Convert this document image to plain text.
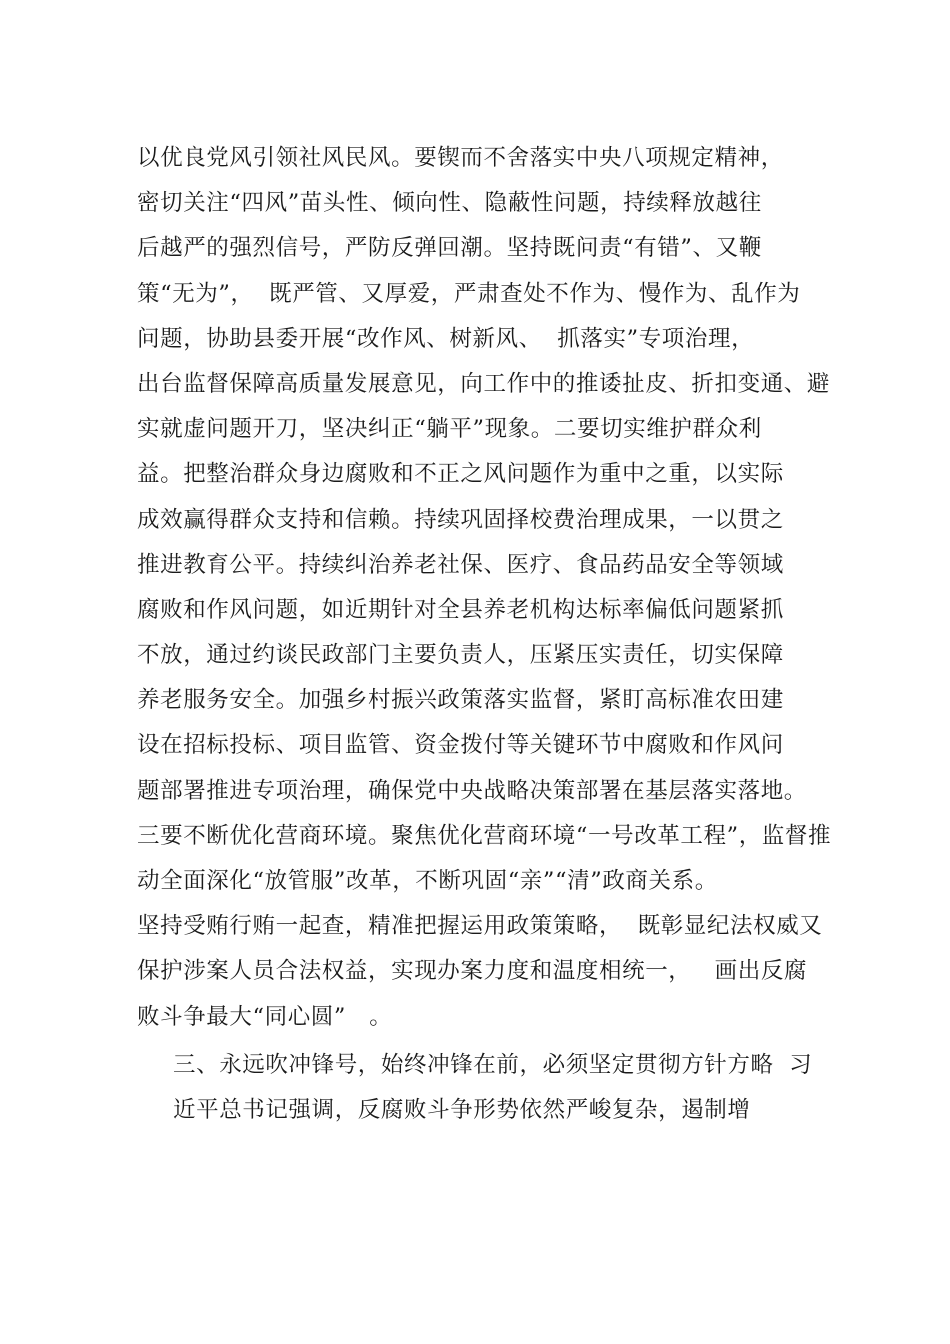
以优良党风引领社风民风。要锲而不舍落实中央八项规定精神，
密切关注“四风”苗头性、倾向性、隐蔽性问题，持续释放越往
后越严的强烈信号，严防反弹回潮。坚持既问责“有错”、又鞭
策“无为”，  既严管、又厚爱，严肃查处不作为、慢作为、乱作为
问题，协助县委开展“改作风、树新风、  抓落实”专项治理，
出台监督保障高质量发展意见，向工作中的推诿扯皮、折扣变通、避
实就虚问题开刀，坚决纠正“躺平”现象。二要切实维护群众利
益。把整治群众身边腐败和不正之风问题作为重中之重，以实际
成效赢得群众支持和信赖。持续巩固择校费治理成果，一以贯之
推进教育公平。持续纠治养老社保、医疗、食品药品安全等领域
腐败和作风问题，如近期针对全县养老机构达标率偏低问题紧抓
不放，通过约谈民政部门主要负责人，压紧压实责任，切实保障
养老服务安全。加强乡村振兴政策落实监督，紧盯高标准农田建
设在招标投标、项目监管、资金拨付等关键环节中腐败和作风问
题部署推进专项治理，确保党中央战略决策部署在基层落实落地。
三要不断优化营商环境。聚焦优化营商环境“一号改革工程”，监督推
动全面深化“放管服”改革，不断巩固“亲”“清”政商关系。
坚持受贿行贿一起查，精准把握运用政策策略，  既彰显纪法权威又
保护涉案人员合法权益，实现办案力度和温度相统一，   画出反腐
败斗争最大“同心圆”   。
三、永远吹冲锋号，始终冲锋在前，必须坚定贯彻方针方略  习
近平总书记强调，反腐败斗争形势依然严峻复杂，遏制增
